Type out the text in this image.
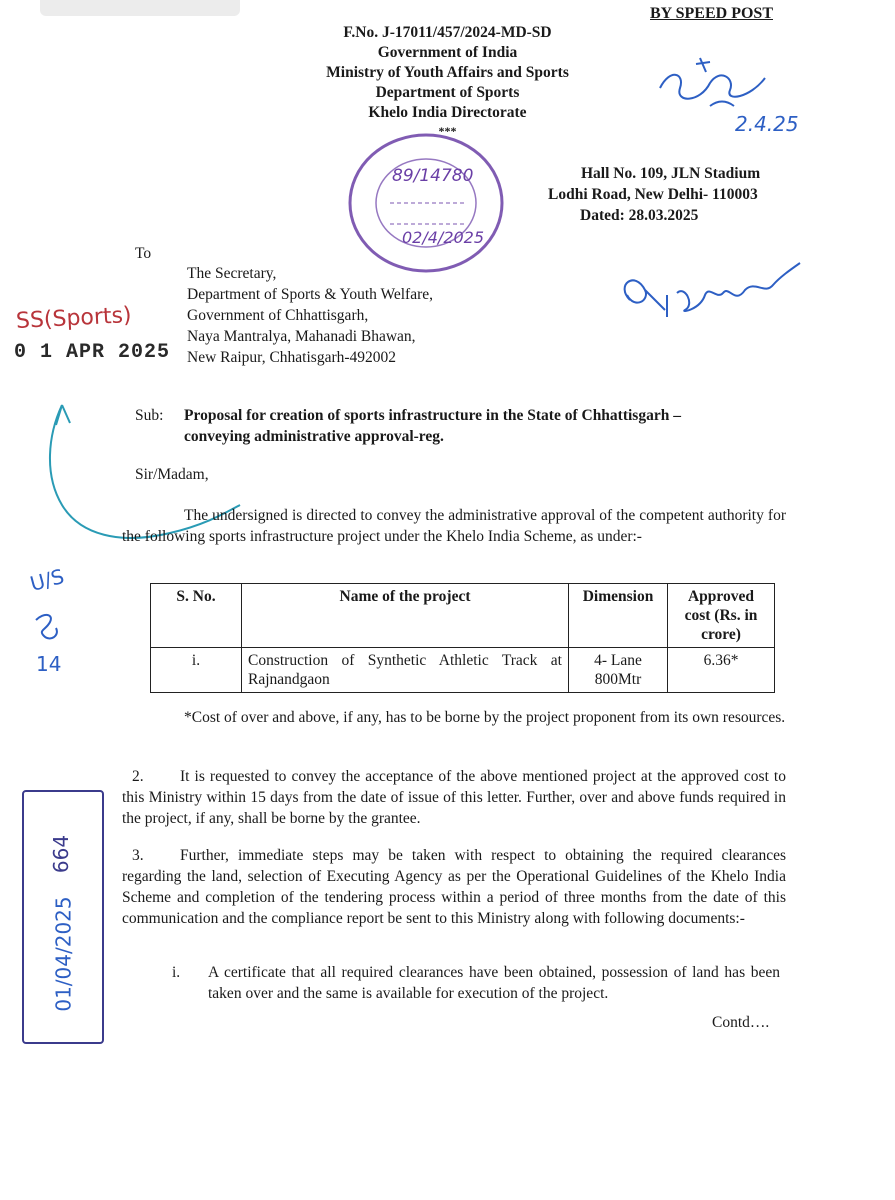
BY SPEED POST
F.No. J-17011/457/2024-MD-SD
Government of India
Ministry of Youth Affairs and Sports
Department of Sports
Khelo India Directorate
***
89/14780
02/4/2025
2.4.25
Hall No. 109, JLN Stadium
Lodhi Road, New Delhi- 110003
Dated: 28.03.2025
To
The Secretary,
Department of Sports & Youth Welfare,
Government of Chhattisgarh,
Naya Mantralya, Mahanadi Bhawan,
New Raipur, Chhatisgarh-492002
SS(Sports)
0 1 APR 2025
U/S
14
Sub: Proposal for creation of sports infrastructure in the State of Chhattisgarh –
conveying administrative approval-reg.
Sir/Madam,
The undersigned is directed to convey the administrative approval of the competent authority for the following sports infrastructure project under the Khelo India Scheme, as under:-
S. No.	Name of the project	Dimension	Approved cost (Rs. in crore)
i.	Construction of Synthetic Athletic Track at Rajnandgaon	4- Lane 800Mtr	6.36*
*Cost of over and above, if any, has to be borne by the project proponent from its own resources.
2.	It is requested to convey the acceptance of the above mentioned project at the approved cost to this Ministry within 15 days from the date of issue of this letter. Further, over and above funds required in the project, if any, shall be borne by the grantee.
664
01/04/2025
3.	Further, immediate steps may be taken with respect to obtaining the required clearances regarding the land, selection of Executing Agency as per the Operational Guidelines of the Khelo India Scheme and completion of the tendering process within a period of three months from the date of this communication and the compliance report be sent to this Ministry along with following documents:-
i. A certificate that all required clearances have been obtained, possession of land has been taken over and the same is available for execution of the project.
Contd….
